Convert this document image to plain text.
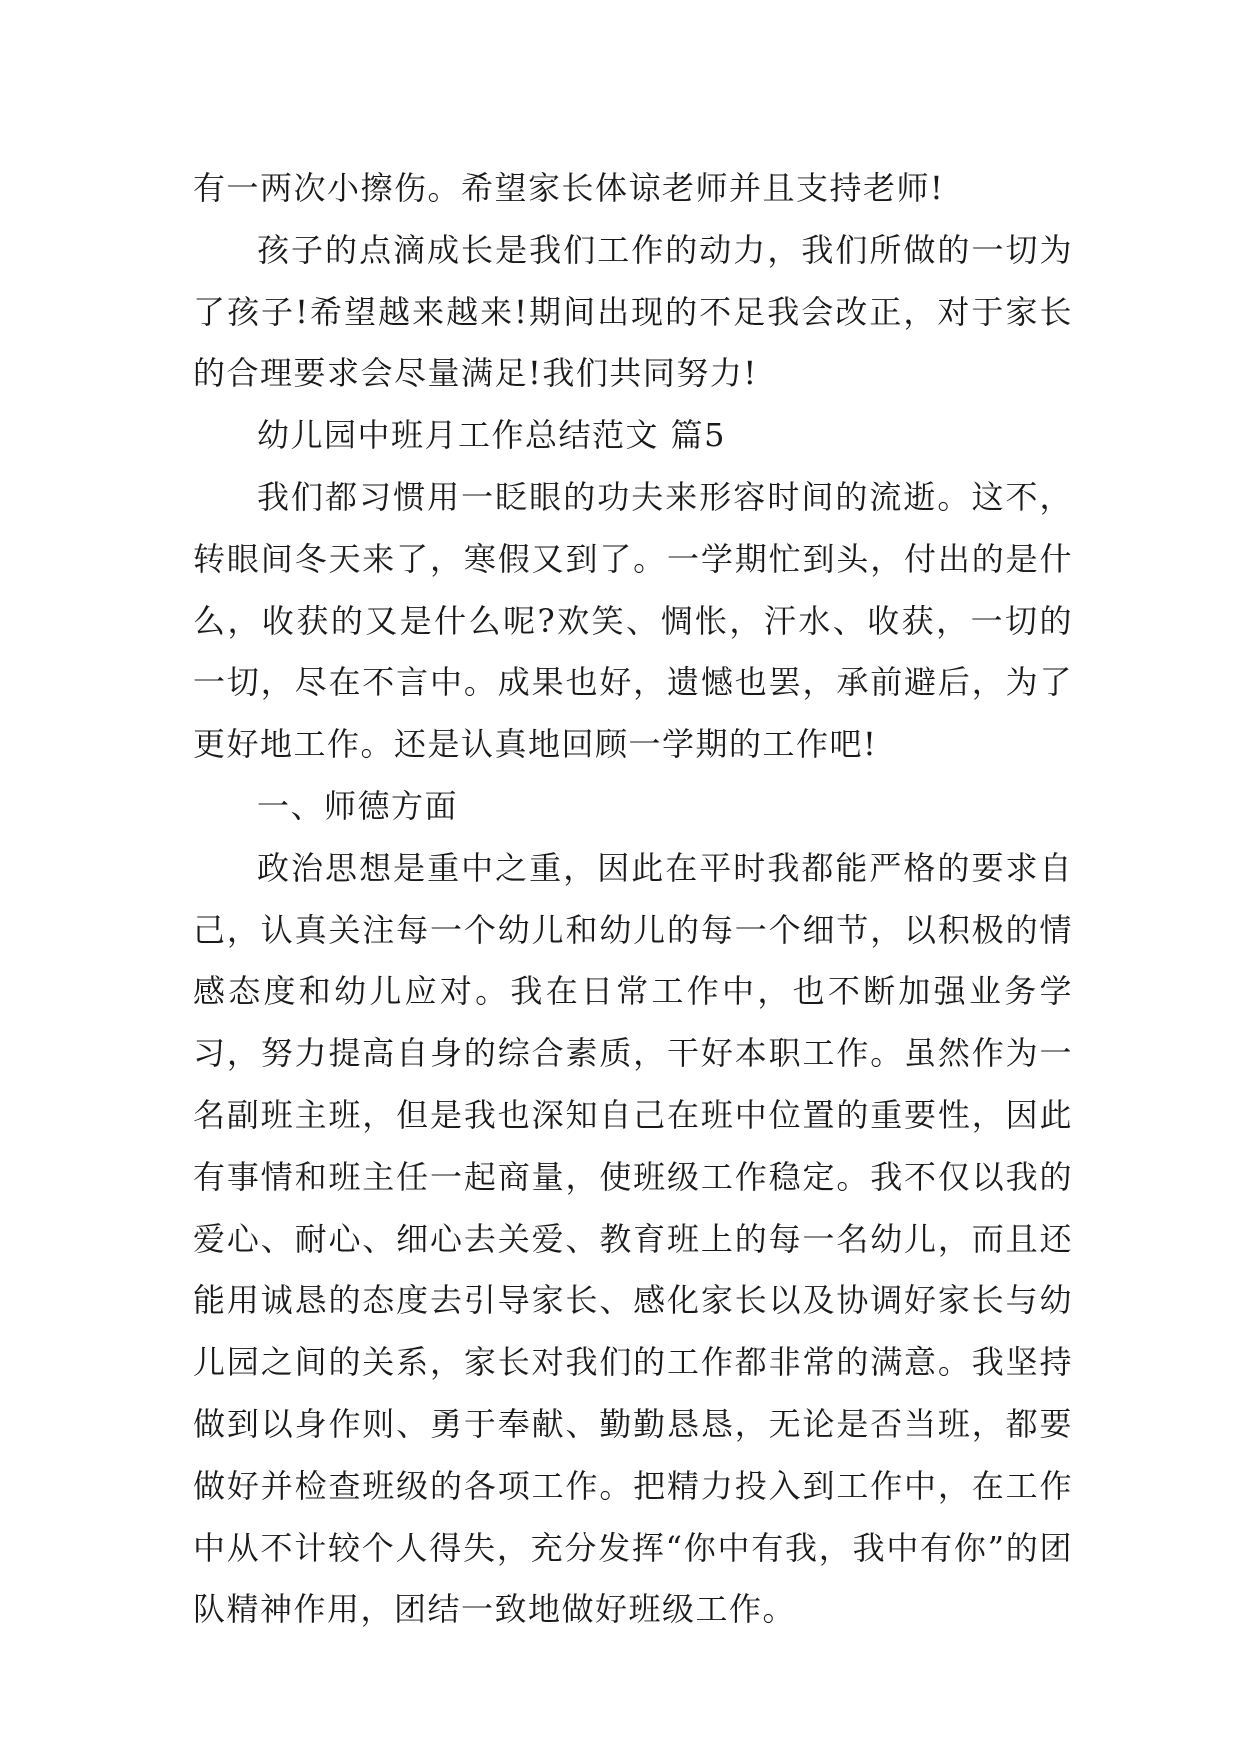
有一两次小擦伤。希望家长体谅老师并且支持老师!

孩子的点滴成长是我们工作的动力，我们所做的一切为了孩子!希望越来越来!期间出现的不足我会改正，对于家长的合理要求会尽量满足!我们共同努力!

幼儿园中班月工作总结范文 篇5

我们都习惯用一眨眼的功夫来形容时间的流逝。这不，转眼间冬天来了，寒假又到了。一学期忙到头，付出的是什么，收获的又是什么呢?欢笑、惆怅，汗水、收获，一切的一切，尽在不言中。成果也好，遗憾也罢，承前避后，为了更好地工作。还是认真地回顾一学期的工作吧!

一、师德方面

政治思想是重中之重，因此在平时我都能严格的要求自己，认真关注每一个幼儿和幼儿的每一个细节，以积极的情感态度和幼儿应对。我在日常工作中，也不断加强业务学习，努力提高自身的综合素质，干好本职工作。虽然作为一名副班主班，但是我也深知自己在班中位置的重要性，因此有事情和班主任一起商量，使班级工作稳定。我不仅以我的爱心、耐心、细心去关爱、教育班上的每一名幼儿，而且还能用诚恳的态度去引导家长、感化家长以及协调好家长与幼儿园之间的关系，家长对我们的工作都非常的满意。我坚持做到以身作则、勇于奉献、勤勤恳恳，无论是否当班，都要做好并检查班级的各项工作。把精力投入到工作中，在工作中从不计较个人得失，充分发挥“你中有我，我中有你”的团队精神作用，团结一致地做好班级工作。
